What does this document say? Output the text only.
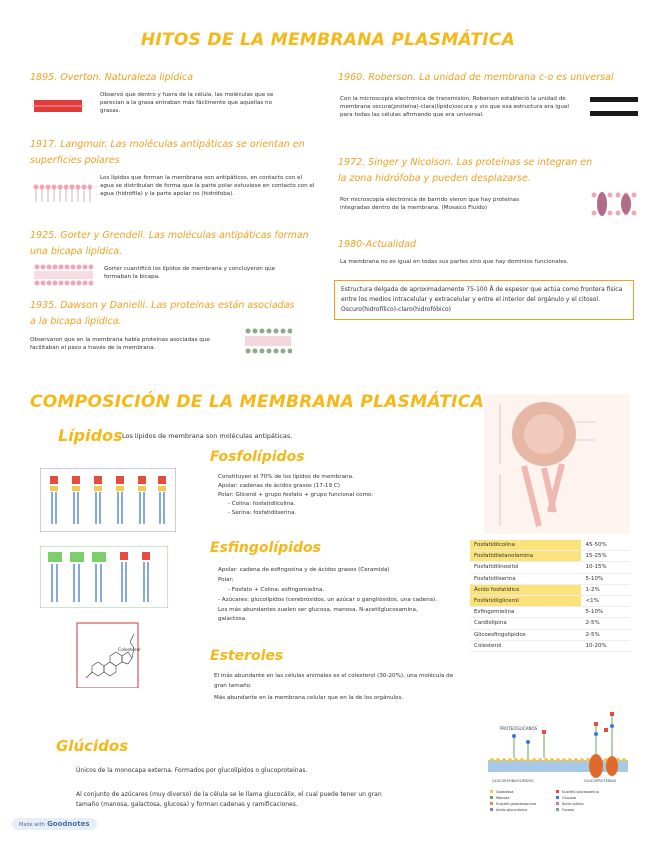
HITOS DE LA MEMBRANA PLASMÁTICA
1895. Overton. Naturaleza lipídica
Observó que dentro y fuera de la célula, las moléculas que se parecían a la grasa entraban más fácilmente que aquellas no grasas.
1917. Langmuir. Las moléculas antipáticas se orientan en superficies polares
Los lípidos que forman la membrana son antipáticos, en contacto con el agua se distribuían de forma que la parte polar estuviese en contacto con el agua (hidrófila) y la parte apolar no (hidrófoba).
1925. Gorter y Grendell. Las moléculas antipáticas forman una bicapa lipídica.
Gorter cuantificó los lípidos de membrana y concluyeron que formaban la bicapa.
1935. Dawson y Danielli. Las proteínas están asociadas a la bicapa lipídica.
Observaron que en la membrana había proteínas asociadas que facilitaban el paso a través de la membrana.
1960. Roberson. La unidad de membrana c-o es universal
Con la microscopía electrónica de transmisión, Roberson estableció la unidad de membrana oscura(proteína)-clara(lípido)oscura y vio que esa estructura era igual para todas las células afirmando que era universal.
1972. Singer y Nicolson. Las proteínas se integran en la zona hidrófoba y pueden desplazarse.
Por microscopía electrónica de barrido vieron que hay proteínas integradas dentro de la membrana. (Mosaico Fluido)
1980-Actualidad
La membrana no es igual en todas sus partes sino que hay dominios funcionales.
Estructura delgada de aproximadamente 75-100 Å de espesor que actúa como frontera física entre los medios intracelular y extracelular y entre el interior del orgánulo y el citosol. Oscuro(hidrofílico)-claro(hidrofóbico)
COMPOSICIÓN DE LA MEMBRANA PLASMÁTICA
Lípidos Los lípidos de membrana son moléculas antipáticas.
Fosfolípidos
Constituyen el 70% de los lípidos de membrana.
Apolar: cadenas de ácidos grasos (17-19 C)
Polar: Glicerol + grupo fosfato + grupo funcional como:
- Colina: fosfatidilcolina.
- Serina: fosfatidilserina.
Esfingolípidos
Apolar: cadena de esfingosina y de ácidos grasos (Ceramida)
Polar:
- Fosfato + Colina: esfingomielina.
- Azúcares: glucolípidos (cerebrósidos, un azúcar o gangliósidos, una cadena). Los más abundantes suelen ser glucosa, manosa, N-acetilglucosamina, galactosa.
Esteroles
El más abundante en las células animales es el colesterol (30-20%), una molécula de gran tamaño.
Más abundante en la membrana celular que en la de los orgánulos.
Colesterol
Fosfatidilcolina	45-50%
Fosfatidiletanolamina	15-25%
Fosfatidilinositol	10-15%
Fosfatidilserina	5-10%
Ácido fosfatídico	1-2%
Fosfatidilglicerol	<1%
Esfingomielina	5-10%
Cardiolipina	2-5%
Glicoesfingolípidos	2-5%
Colesterol	10-20%
Glúcidos
Únicos de la monocapa externa. Formados por glucolípidos o glucoproteínas.
Al conjunto de azúcares (muy diverso) de la célula se le llama glucocálix, el cual puede tener un gran tamaño (manosa, galactosa, glucosa) y forman cadenas y ramificaciones.
PROTEOGLICANOS
GLUCOESFINGOLÍPIDOS	GLUCOPROTEÍNAS
Galactosa
Manosa
N-acetil galactosamina
Ácido glucurónico
N-acetil glucosamina
Glucosa
Ácido siálico
Fucosa
Made with Goodnotes
